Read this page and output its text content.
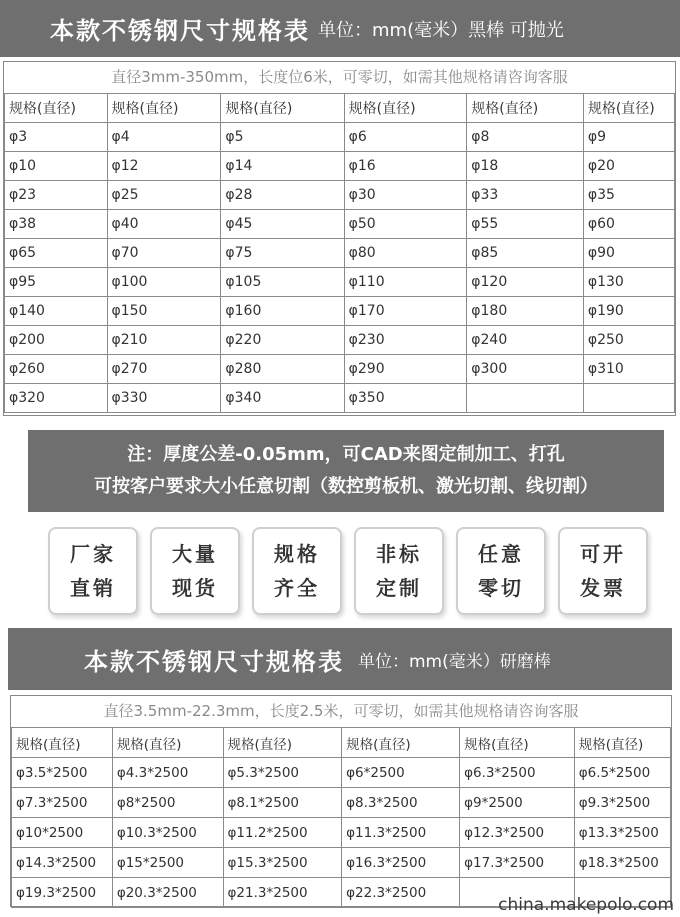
本款不锈钢尺寸规格表 单位：mm(毫米）黑棒 可抛光
直径3mm-350mm，长度位6米，可零切，如需其他规格请咨询客服
规格(直径)	规格(直径)	规格(直径)	规格(直径)	规格(直径)	规格(直径)
φ3	φ4	φ5	φ6	φ8	φ9
φ10	φ12	φ14	φ16	φ18	φ20
φ23	φ25	φ28	φ30	φ33	φ35
φ38	φ40	φ45	φ50	φ55	φ60
φ65	φ70	φ75	φ80	φ85	φ90
φ95	φ100	φ105	φ110	φ120	φ130
φ140	φ150	φ160	φ170	φ180	φ190
φ200	φ210	φ220	φ230	φ240	φ250
φ260	φ270	φ280	φ290	φ300	φ310
φ320	φ330	φ340	φ350		
注：厚度公差-0.05mm，可CAD来图定制加工、打孔
可按客户要求大小任意切割（数控剪板机、激光切割、线切割）
厂家
直销
大量
现货
规格
齐全
非标
定制
任意
零切
可开
发票
本款不锈钢尺寸规格表 单位：mm(毫米）研磨棒
直径3.5mm-22.3mm，长度2.5米，可零切，如需其他规格请咨询客服
规格(直径)	规格(直径)	规格(直径)	规格(直径)	规格(直径)	规格(直径)
φ3.5*2500	φ4.3*2500	φ5.3*2500	φ6*2500	φ6.3*2500	φ6.5*2500
φ7.3*2500	φ8*2500	φ8.1*2500	φ8.3*2500	φ9*2500	φ9.3*2500
φ10*2500	φ10.3*2500	φ11.2*2500	φ11.3*2500	φ12.3*2500	φ13.3*2500
φ14.3*2500	φ15*2500	φ15.3*2500	φ16.3*2500	φ17.3*2500	φ18.3*2500
φ19.3*2500	φ20.3*2500	φ21.3*2500	φ22.3*2500		
china.makepolo.com
